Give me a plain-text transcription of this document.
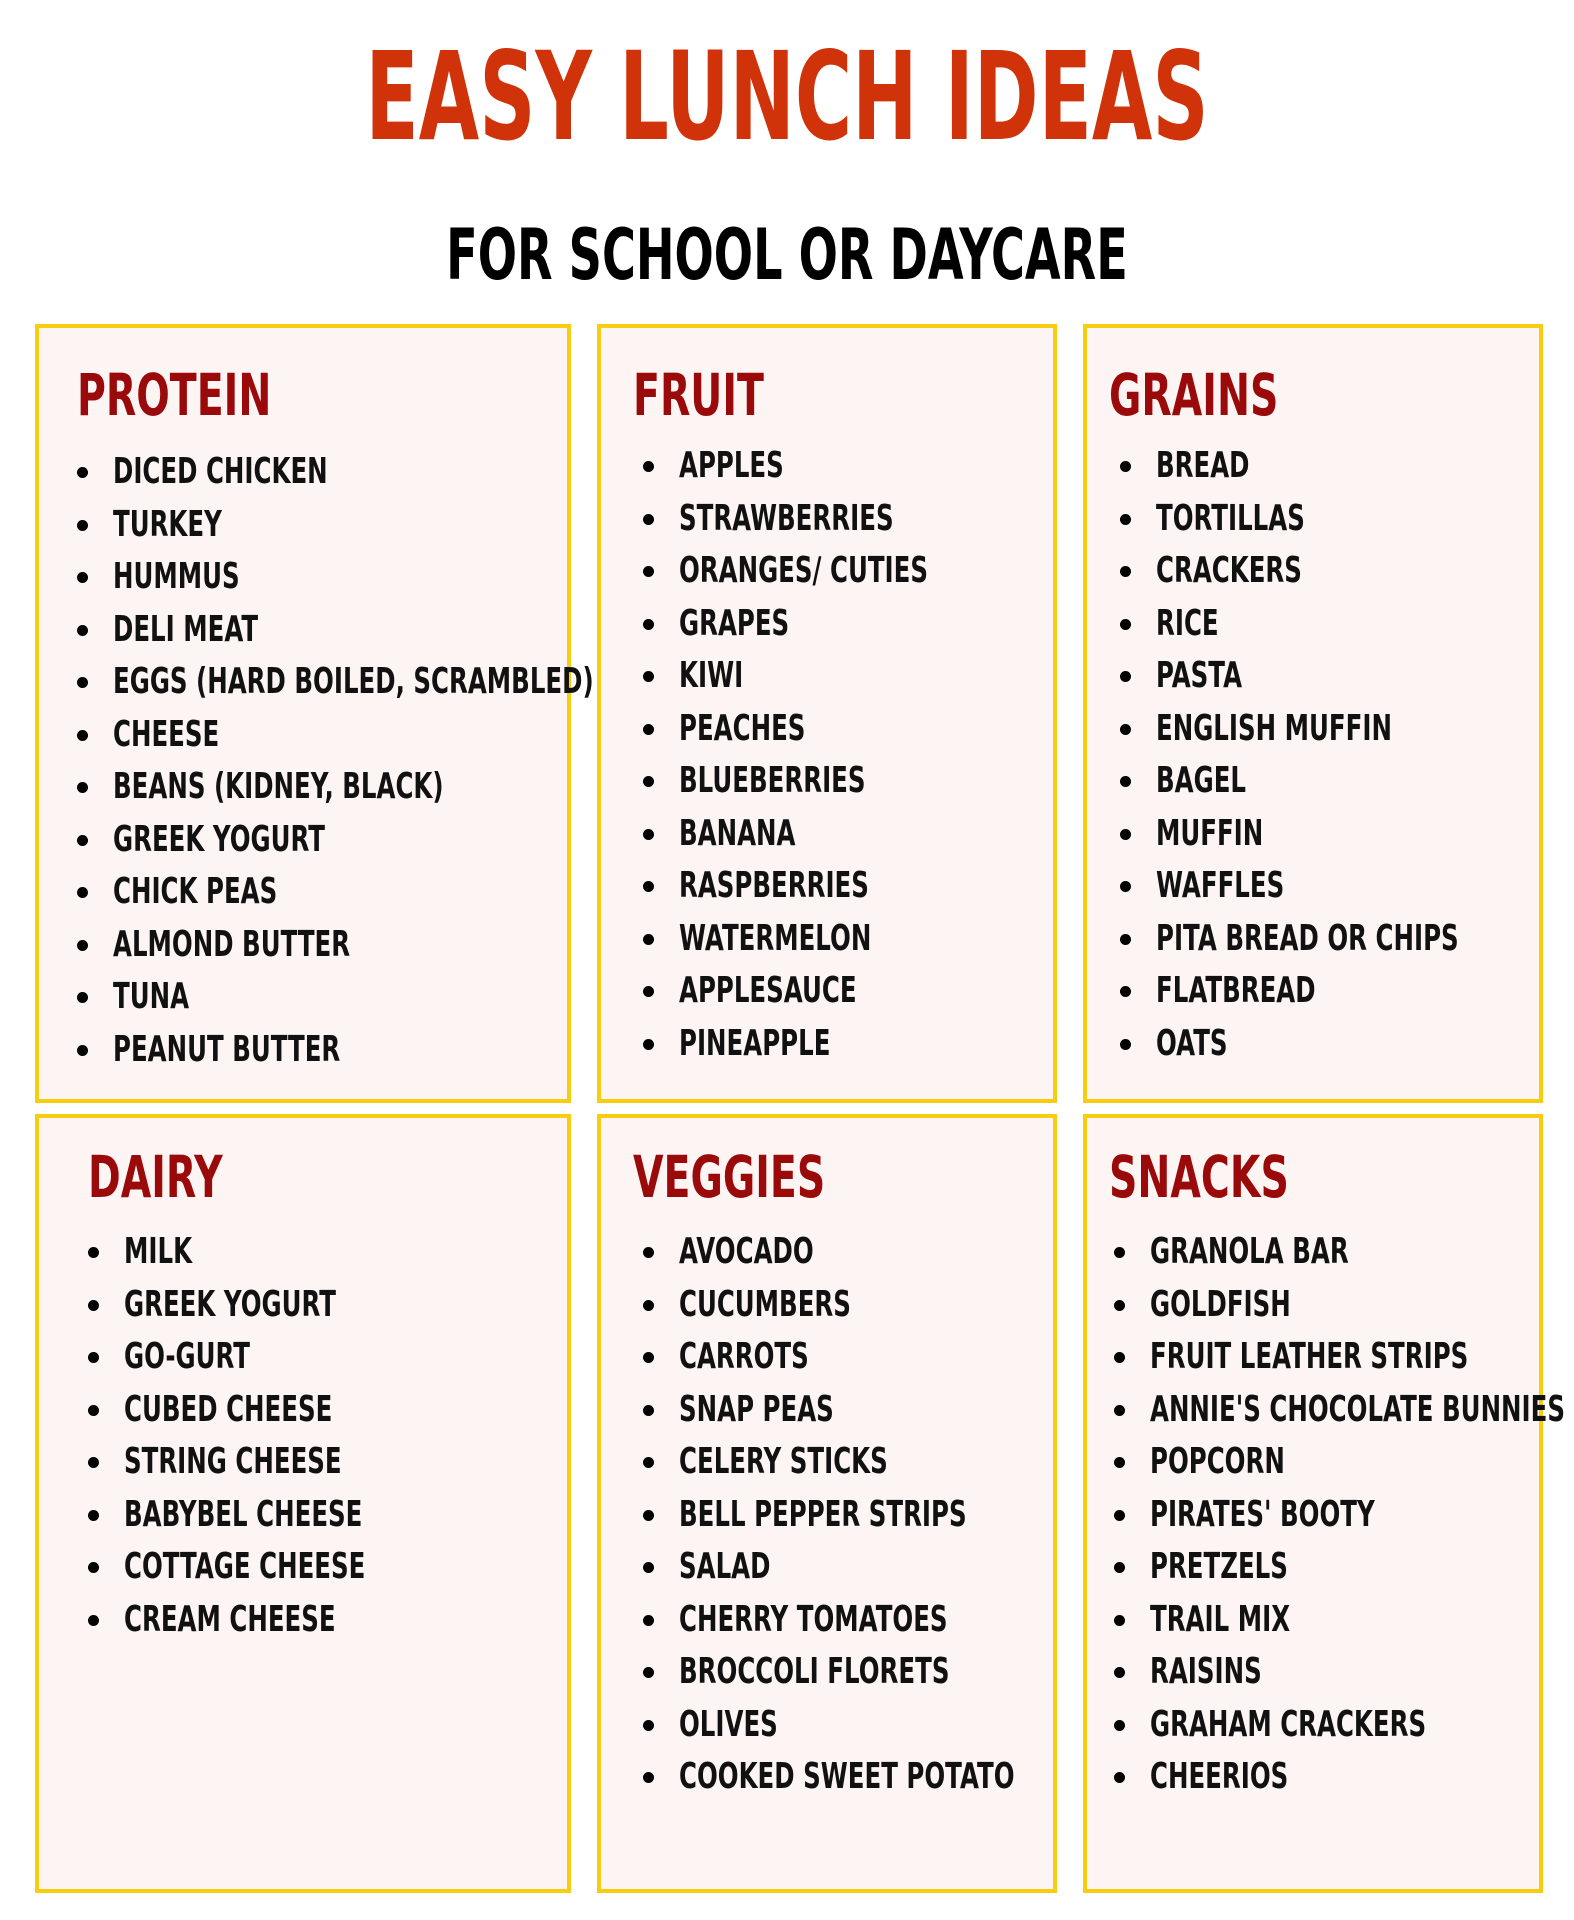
EASY LUNCH IDEAS
FOR SCHOOL OR DAYCARE
PROTEIN
DICED CHICKEN
TURKEY
HUMMUS
DELI MEAT
EGGS (HARD BOILED, SCRAMBLED)
CHEESE
BEANS (KIDNEY, BLACK)
GREEK YOGURT
CHICK PEAS
ALMOND BUTTER
TUNA
PEANUT BUTTER
FRUIT
APPLES
STRAWBERRIES
ORANGES/ CUTIES
GRAPES
KIWI
PEACHES
BLUEBERRIES
BANANA
RASPBERRIES
WATERMELON
APPLESAUCE
PINEAPPLE
GRAINS
BREAD
TORTILLAS
CRACKERS
RICE
PASTA
ENGLISH MUFFIN
BAGEL
MUFFIN
WAFFLES
PITA BREAD OR CHIPS
FLATBREAD
OATS
DAIRY
MILK
GREEK YOGURT
GO-GURT
CUBED CHEESE
STRING CHEESE
BABYBEL CHEESE
COTTAGE CHEESE
CREAM CHEESE
VEGGIES
AVOCADO
CUCUMBERS
CARROTS
SNAP PEAS
CELERY STICKS
BELL PEPPER STRIPS
SALAD
CHERRY TOMATOES
BROCCOLI FLORETS
OLIVES
COOKED SWEET POTATO
SNACKS
GRANOLA BAR
GOLDFISH
FRUIT LEATHER STRIPS
ANNIE'S CHOCOLATE BUNNIES
POPCORN
PIRATES' BOOTY
PRETZELS
TRAIL MIX
RAISINS
GRAHAM CRACKERS
CHEERIOS
